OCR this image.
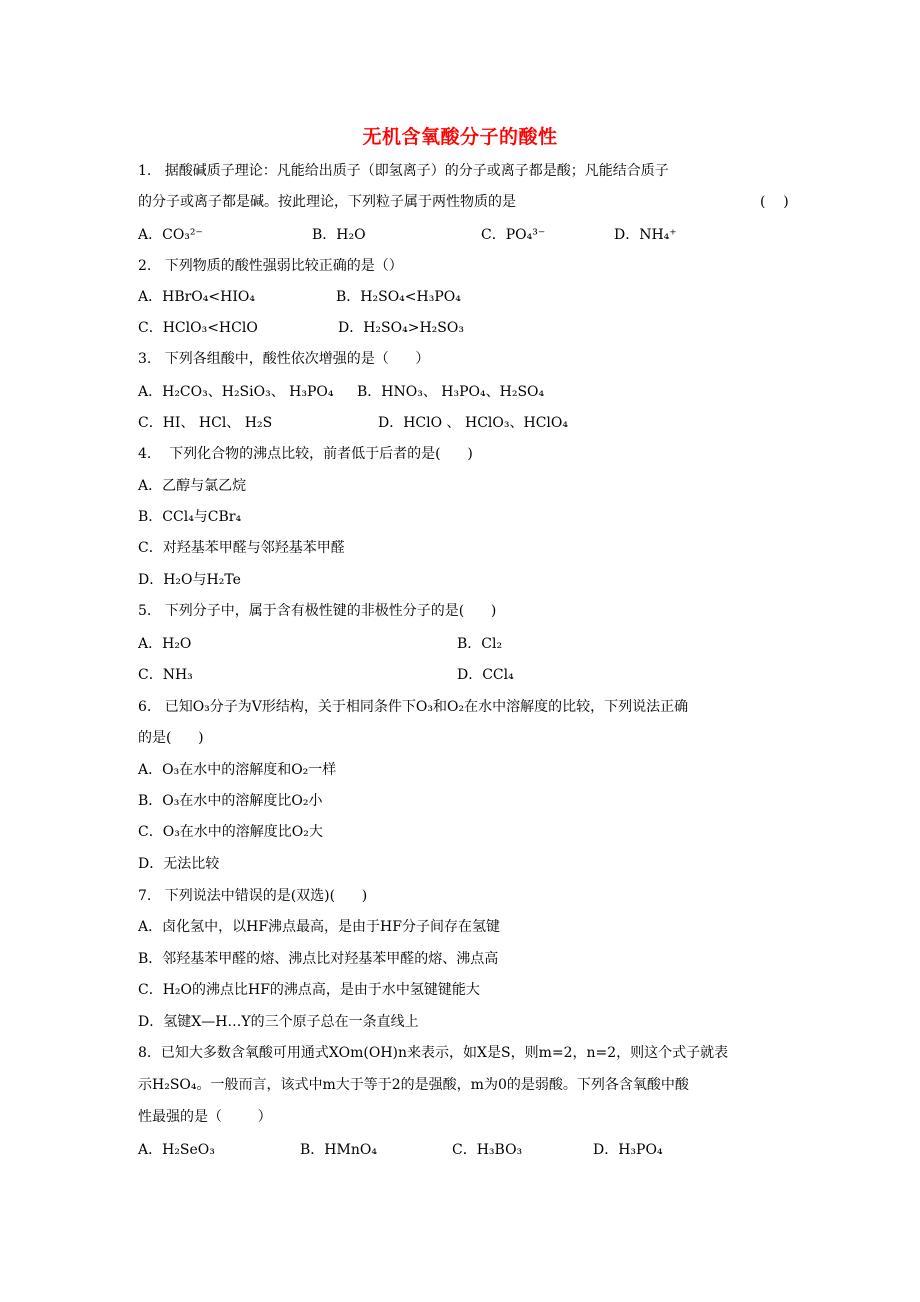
无机含氧酸分子的酸性
1.   据酸碱质子理论：凡能给出质子（即氢离子）的分子或离子都是酸；凡能结合质子
的分子或离子都是碱。按此理论，下列粒子属于两性物质的是	(    )
A．CO₃²⁻	B．H₂O	C．PO₄³⁻	D．NH₄⁺
2.   下列物质的酸性强弱比较正确的是（）
A．HBrO₄<HIO₄	B．H₂SO₄<H₃PO₄
C．HClO₃<HClO	D．H₂SO₄>H₂SO₃
3.   下列各组酸中，酸性依次增强的是（      ）
A．H₂CO₃、H₂SiO₃、 H₃PO₄ B．HNO₃、 H₃PO₄、H₂SO₄
C．HI、 HCl、 H₂S	D．HClO 、 HClO₃、HClO₄
4.    下列化合物的沸点比较，前者低于后者的是(      )
A．乙醇与氯乙烷
B．CCl₄与CBr₄
C．对羟基苯甲醛与邻羟基苯甲醛
D．H₂O与H₂Te
5.   下列分子中，属于含有极性键的非极性分子的是(      )
A．H₂O	B．Cl₂
C．NH₃	D．CCl₄
6.   已知O₃分子为V形结构，关于相同条件下O₃和O₂在水中溶解度的比较，下列说法正确
的是(      )
A．O₃在水中的溶解度和O₂一样
B．O₃在水中的溶解度比O₂小
C．O₃在水中的溶解度比O₂大
D．无法比较
7.   下列说法中错误的是(双选)(      )
A．卤化氢中，以HF沸点最高，是由于HF分子间存在氢键
B．邻羟基苯甲醛的熔、沸点比对羟基苯甲醛的熔、沸点高
C．H₂O的沸点比HF的沸点高，是由于水中氢键键能大
D．氢键X—H…Y的三个原子总在一条直线上
8．已知大多数含氧酸可用通式XOm(OH)n来表示，如X是S，则m=2，n=2，则这个式子就表
示H₂SO₄。一般而言，该式中m大于等于2的是强酸，m为0的是弱酸。下列各含氧酸中酸
性最强的是（        ）
A．H₂SeO₃	B．HMnO₄	C．H₃BO₃	D．H₃PO₄
